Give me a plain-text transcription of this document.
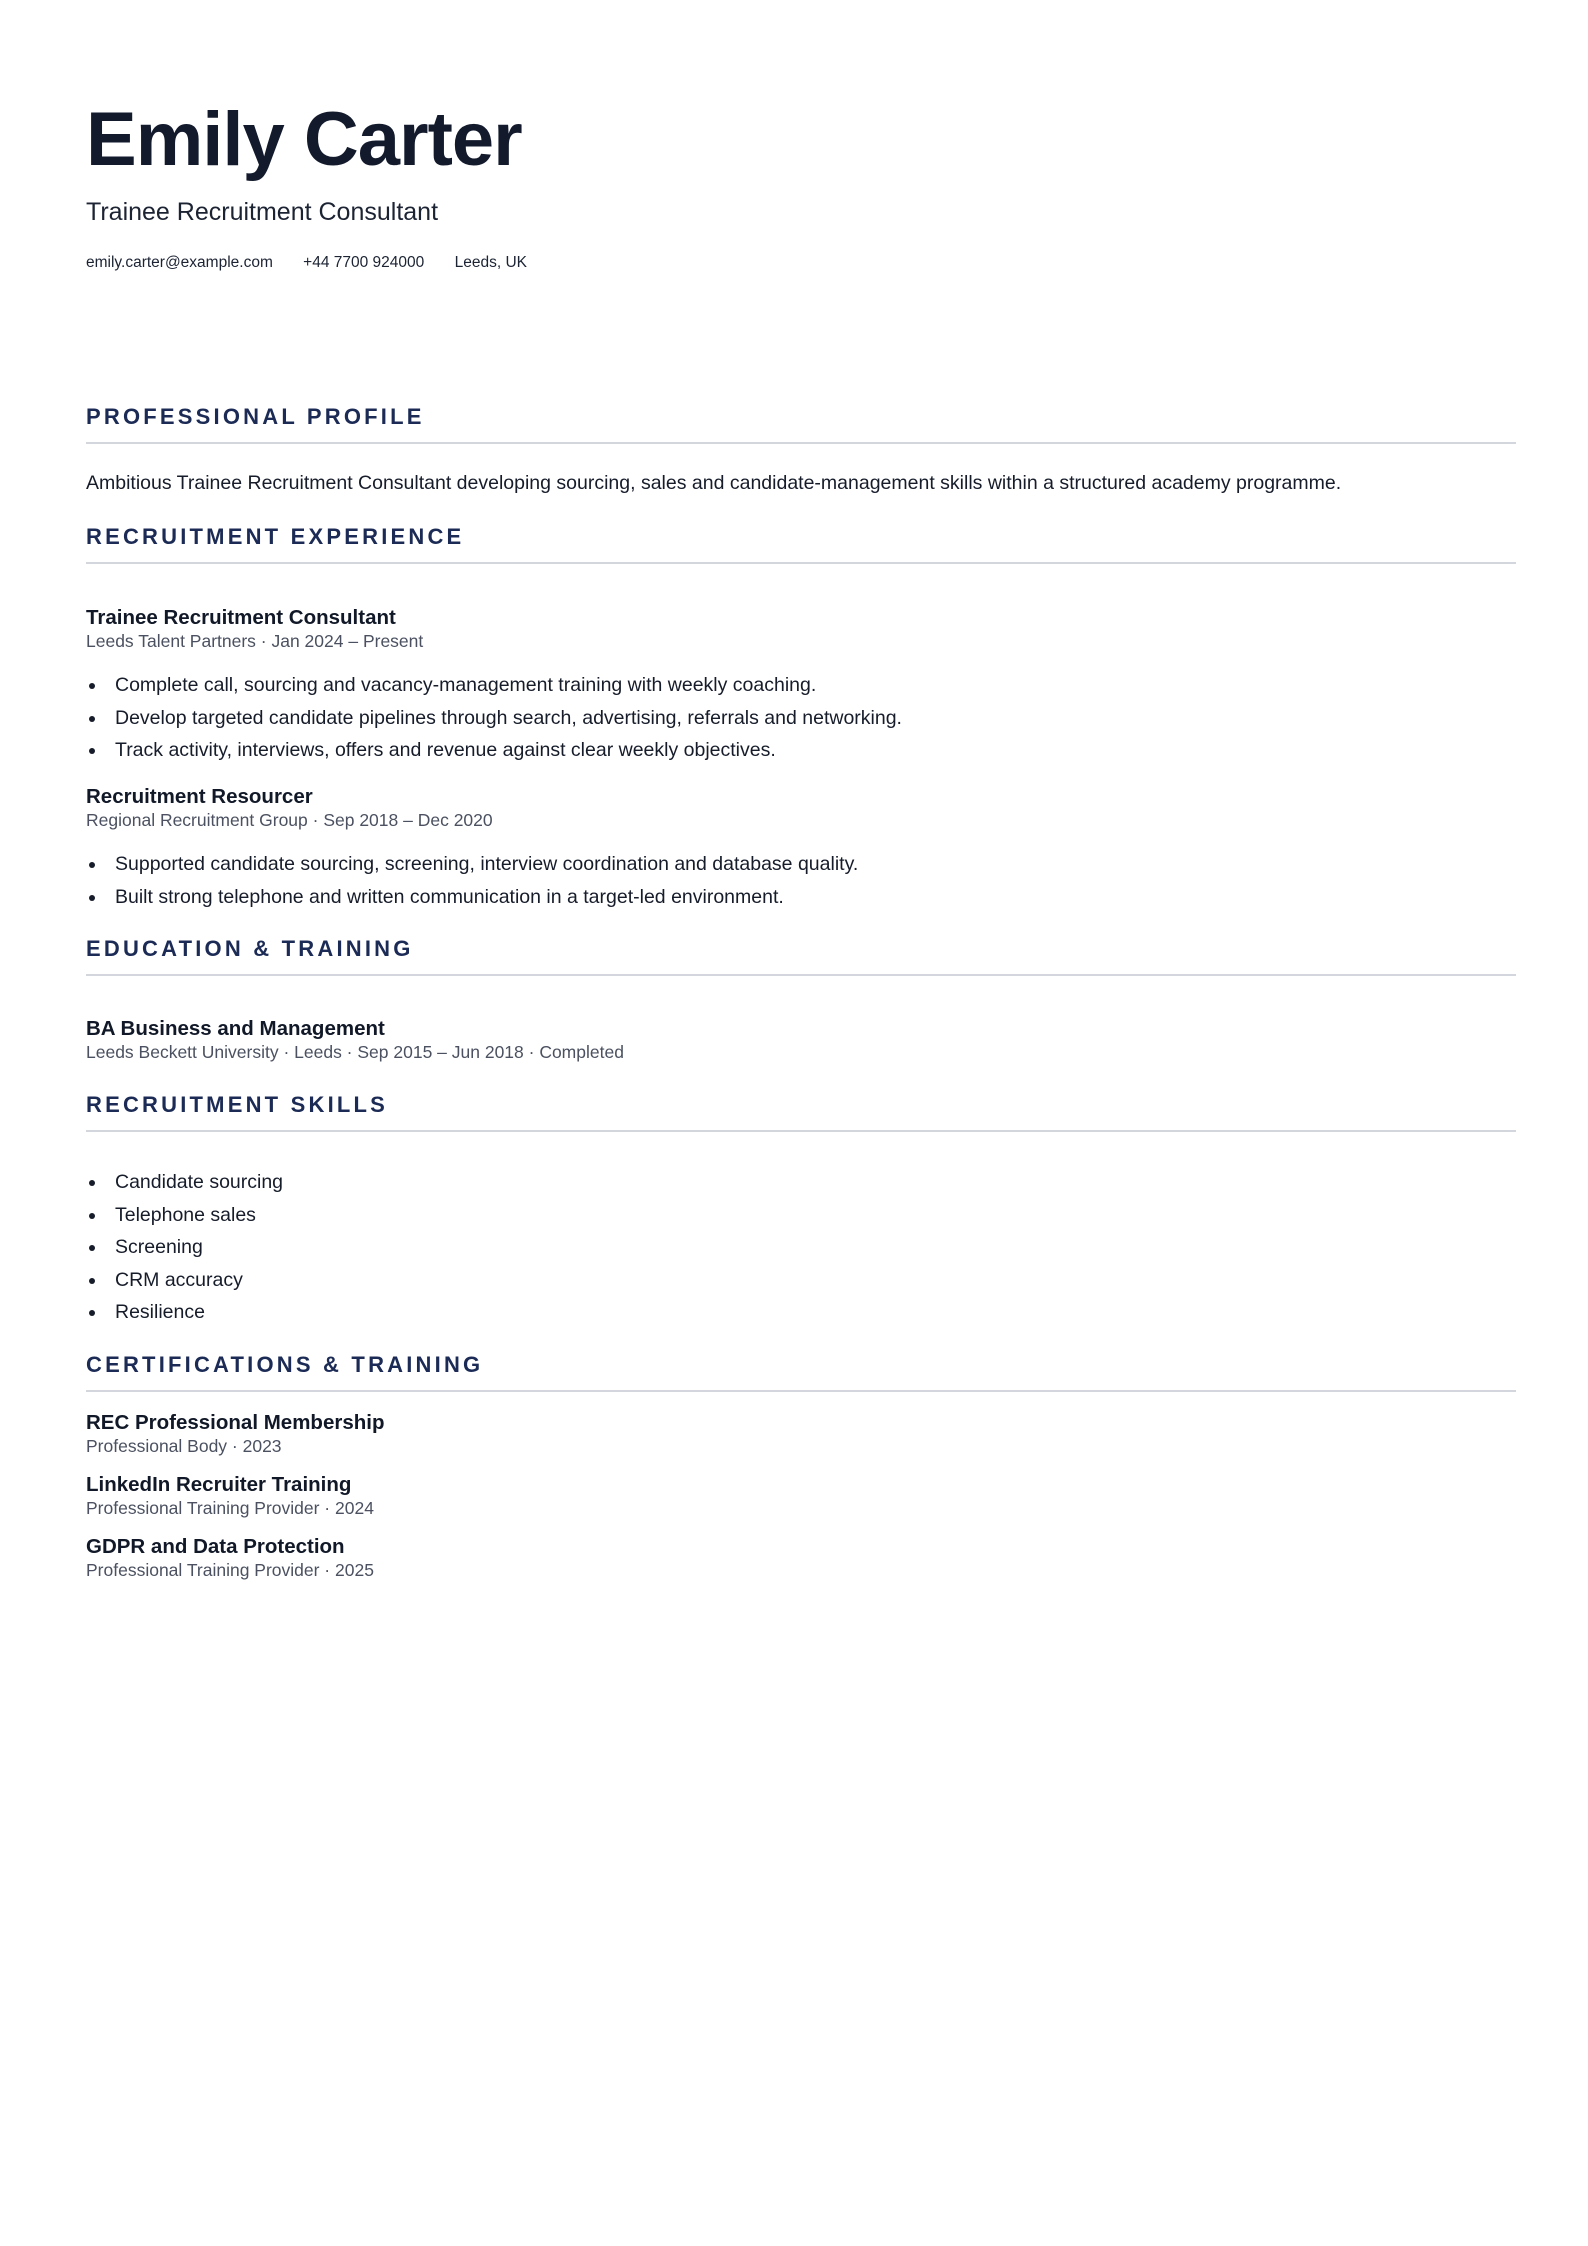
Emily Carter
Trainee Recruitment Consultant
emily.carter@example.com +44 7700 924000 Leeds, UK
PROFESSIONAL PROFILE
Ambitious Trainee Recruitment Consultant developing sourcing, sales and candidate-management skills within a structured academy programme.
RECRUITMENT EXPERIENCE
Trainee Recruitment Consultant
Leeds Talent Partners · Jan 2024 – Present
Complete call, sourcing and vacancy-management training with weekly coaching.
Develop targeted candidate pipelines through search, advertising, referrals and networking.
Track activity, interviews, offers and revenue against clear weekly objectives.
Recruitment Resourcer
Regional Recruitment Group · Sep 2018 – Dec 2020
Supported candidate sourcing, screening, interview coordination and database quality.
Built strong telephone and written communication in a target-led environment.
EDUCATION & TRAINING
BA Business and Management
Leeds Beckett University · Leeds · Sep 2015 – Jun 2018 · Completed
RECRUITMENT SKILLS
Candidate sourcing
Telephone sales
Screening
CRM accuracy
Resilience
CERTIFICATIONS & TRAINING
REC Professional Membership
Professional Body · 2023
LinkedIn Recruiter Training
Professional Training Provider · 2024
GDPR and Data Protection
Professional Training Provider · 2025
